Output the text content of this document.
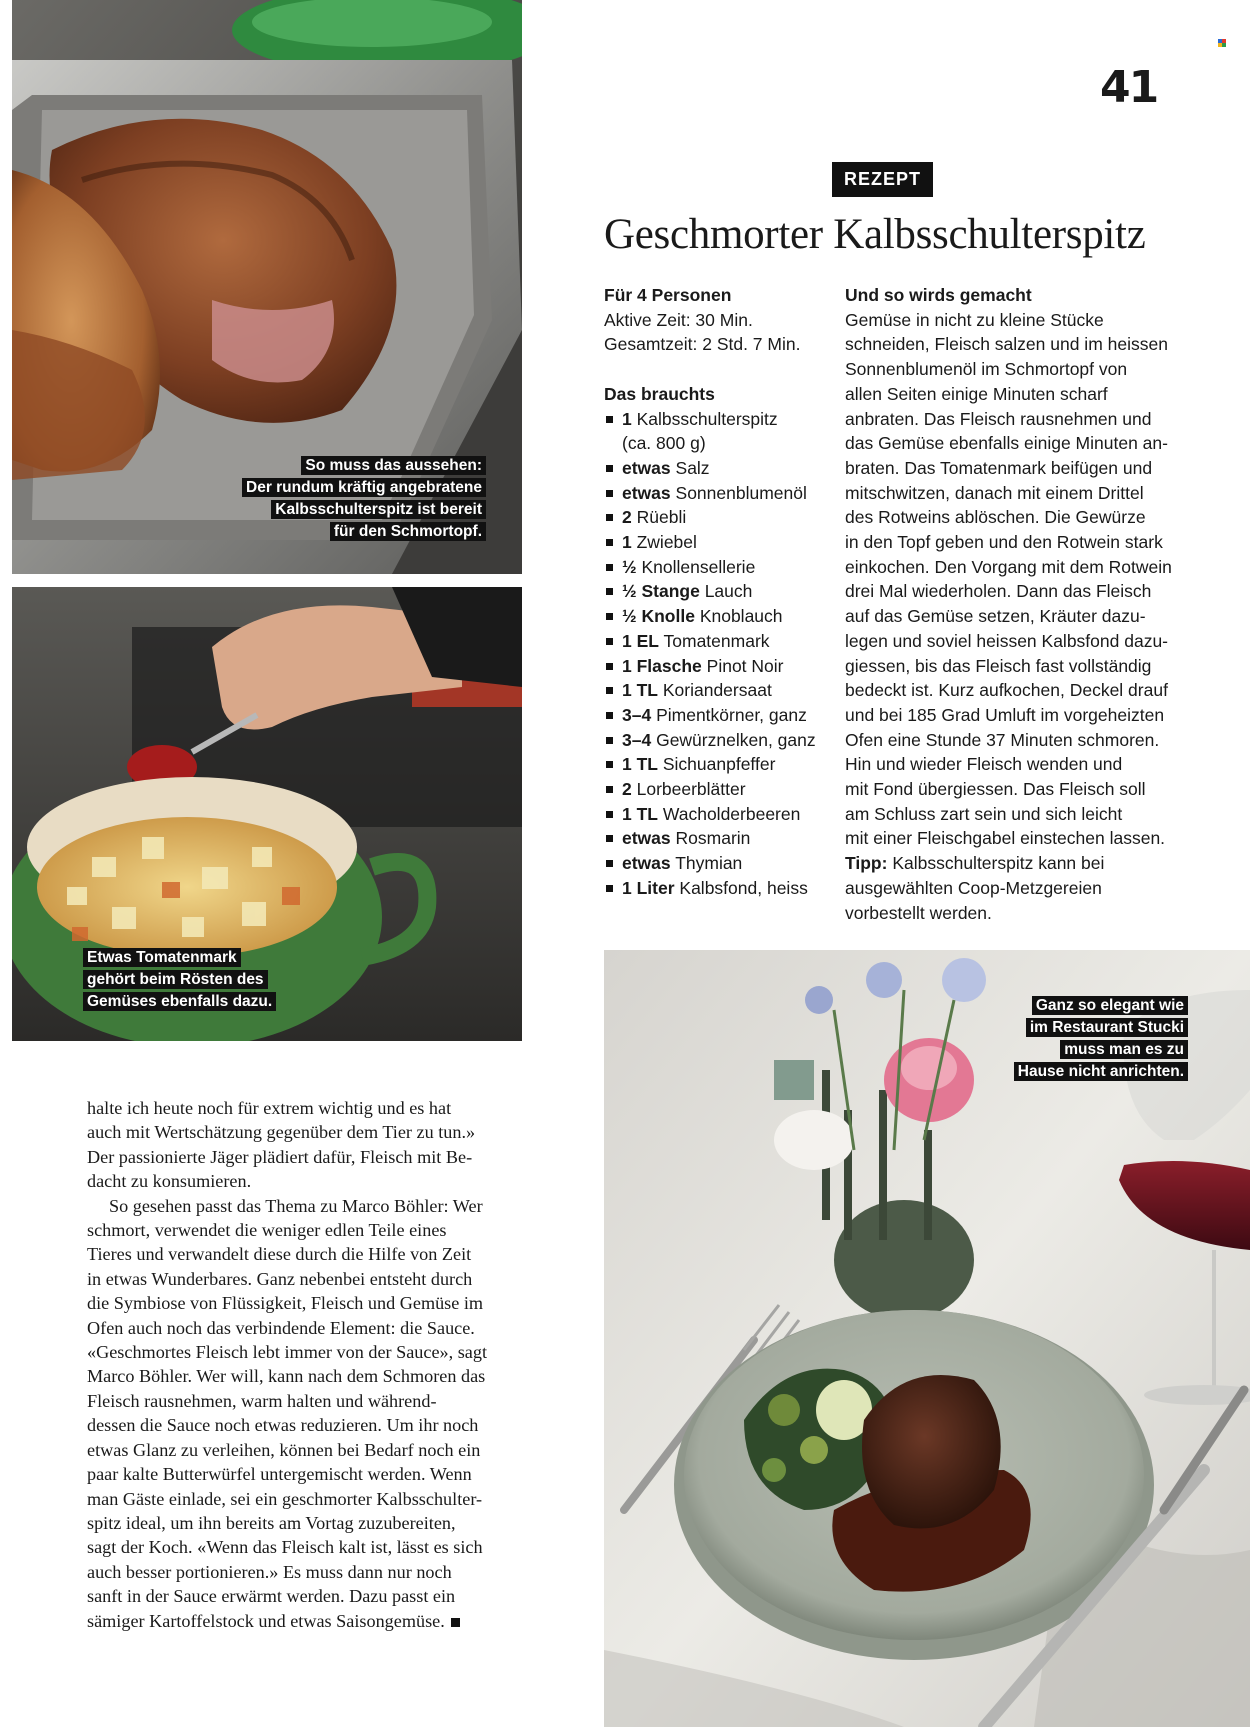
41
So muss das aussehen:
Der rundum kräftig angebratene
Kalbsschulterspitz ist bereit
für den Schmortopf.
Etwas Tomatenmark
gehört beim Rösten des
Gemüses ebenfalls dazu.
REZEPT
Geschmorter Kalbsschulterspitz
Für 4 Personen

Aktive Zeit: 30 Min.

Gesamtzeit: 2 Std. 7 Min.

Das brauchts
1 Kalbsschulterspitz
(ca. 800 g)
etwas Salz
etwas Sonnenblumenöl
2 Rüebli
1 Zwiebel
½ Knollensellerie
½ Stange Lauch
½ Knolle Knoblauch
1 EL Tomatenmark
1 Flasche Pinot Noir
1 TL Koriandersaat
3–4 Pimentkörner, ganz
3–4 Gewürznelken, ganz
1 TL Sichuanpfeffer
2 Lorbeerblätter
1 TL Wacholderbeeren
etwas Rosmarin
etwas Thymian
1 Liter Kalbsfond, heiss
Und so wirds gemacht

Gemüse in nicht zu kleine Stücke

schneiden, Fleisch salzen und im heissen

Sonnenblumenöl im Schmortopf von

allen Seiten einige Minuten scharf

anbraten. Das Fleisch rausnehmen und

das Gemüse ebenfalls einige Minuten an-

braten. Das Tomatenmark beifügen und

mitschwitzen, danach mit einem Drittel

des Rotweins ablöschen. Die Gewürze

in den Topf geben und den Rotwein stark

einkochen. Den Vorgang mit dem Rotwein

drei Mal wiederholen. Dann das Fleisch

auf das Gemüse setzen, Kräuter dazu-

legen und soviel heissen Kalbsfond dazu-

giessen, bis das Fleisch fast vollständig

bedeckt ist. Kurz aufkochen, Deckel drauf

und bei 185 Grad Umluft im vorgeheizten

Ofen eine Stunde 37 Minuten schmoren.

Hin und wieder Fleisch wenden und

mit Fond übergiessen. Das Fleisch soll

am Schluss zart sein und sich leicht

mit einer Fleischgabel einstechen lassen.

Tipp: Kalbsschulterspitz kann bei

ausgewählten Coop-Metzgereien

vorbestellt werden.

Ganz so elegant wie
im Restaurant Stucki
muss man es zu
Hause nicht anrichten.

halte ich heute noch für extrem wichtig und es hat

auch mit Wertschätzung gegenüber dem Tier zu tun.»

Der passionierte Jäger plädiert dafür, Fleisch mit Be-

dacht zu konsumieren.

So gesehen passt das Thema zu Marco Böhler: Wer

schmort, verwendet die weniger edlen Teile eines

Tieres und verwandelt diese durch die Hilfe von Zeit

in etwas Wunderbares. Ganz nebenbei entsteht durch

die Symbiose von Flüssigkeit, Fleisch und Gemüse im

Ofen auch noch das verbindende Element: die Sauce.

«Geschmortes Fleisch lebt immer von der Sauce», sagt

Marco Böhler. Wer will, kann nach dem Schmoren das

Fleisch rausnehmen, warm halten und während-

dessen die Sauce noch etwas reduzieren. Um ihr noch

etwas Glanz zu verleihen, können bei Bedarf noch ein

paar kalte Butterwürfel untergemischt werden. Wenn

man Gäste einlade, sei ein geschmorter Kalbsschulter-

spitz ideal, um ihn bereits am Vortag zuzubereiten,

sagt der Koch. «Wenn das Fleisch kalt ist, lässt es sich

auch besser portionieren.» Es muss dann nur noch

sanft in der Sauce erwärmt werden. Dazu passt ein

sämiger Kartoffelstock und etwas Saisongemüse.
